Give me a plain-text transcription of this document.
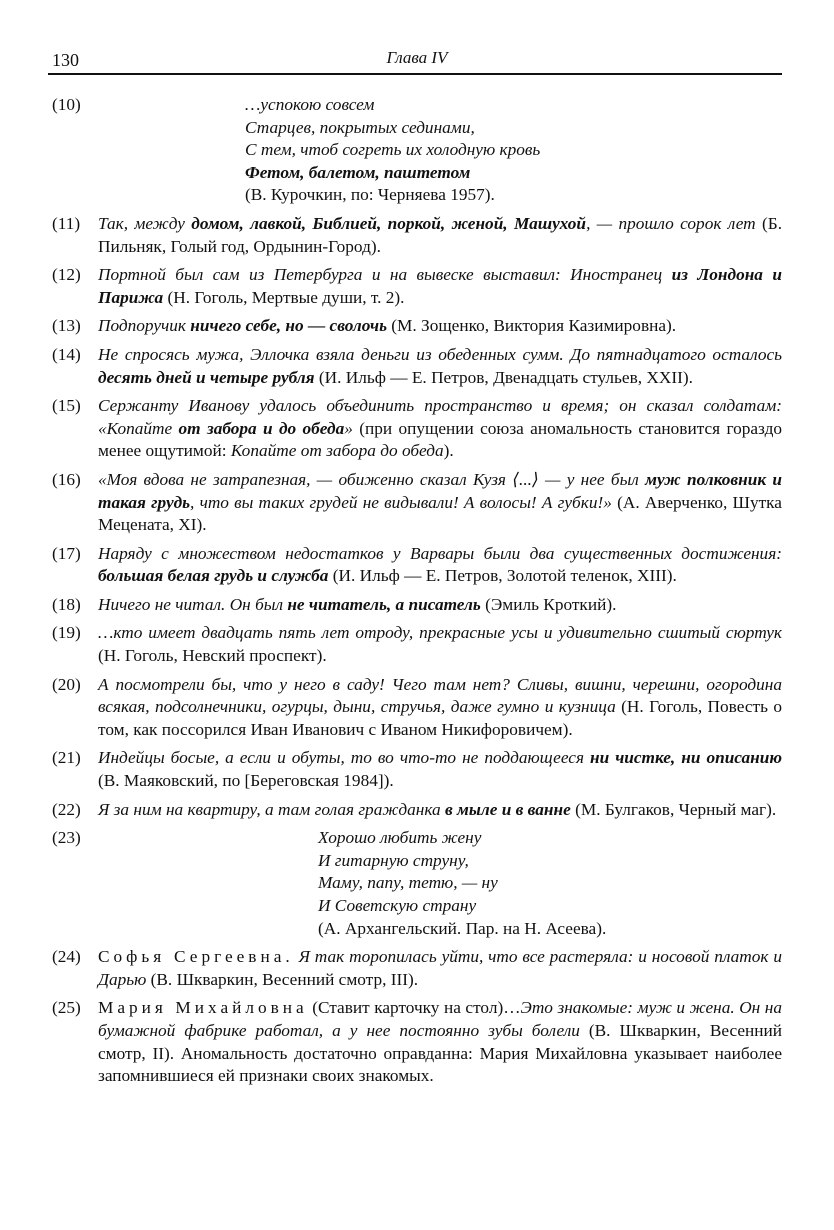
130	Глава IV
(10)	…успокою совсем
Старцев, покрытых сединами,
С тем, чтоб согреть их холодную кровь
Фетом, балетом, паштетом
(В. Курочкин, по: Черняева 1957).
(11)	Так, между домом, лавкой, Библией, поркой, женой, Машухой, — прошло сорок лет (Б. Пильняк, Голый год, Ордынин-Город).
(12) Портной был сам из Петербурга и на вывеске выставил: Иностранец из Лондона и Парижа (Н. Гоголь, Мертвые души, т. 2).
(13) Подпоручик ничего себе, но — сволочь (М. Зощенко, Виктория Казимировна).
(14) Не спросясь мужа, Эллочка взяла деньги из обеденных сумм. До пятнадцатого осталось десять дней и четыре рубля (И. Ильф — Е. Петров, Двенадцать стульев, XXII).
(15) Сержанту Иванову удалось объединить пространство и время; он сказал солдатам: «Копайте от забора и до обеда» (при опущении союза аномальность становится гораздо менее ощутимой: Копайте от забора до обеда).
(16) «Моя вдова не затрапезная, — обиженно сказал Кузя ⟨...⟩ — у нее был муж полковник и такая грудь, что вы таких грудей не видывали! А волосы! А губки!» (А. Аверченко, Шутка Мецената, XI).
(17) Наряду с множеством недостатков у Варвары были два существенных достижения: большая белая грудь и служба (И. Ильф — Е. Петров, Золотой теленок, XIII).
(18) Ничего не читал. Он был не читатель, а писатель (Эмиль Кроткий).
(19) …кто имеет двадцать пять лет отроду, прекрасные усы и удивительно сшитый сюртук (Н. Гоголь, Невский проспект).
(20) А посмотрели бы, что у него в саду! Чего там нет? Сливы, вишни, черешни, огородина всякая, подсолнечники, огурцы, дыни, стручья, даже гумно и кузница (Н. Гоголь, Повесть о том, как поссорился Иван Иванович с Иваном Никифоровичем).
(21) Индейцы босые, а если и обуты, то во что-то не поддающееся ни чистке, ни описанию (В. Маяковский, по [Береговская 1984]).
(22) Я за ним на квартиру, а там голая гражданка в мыле и в ванне (М. Булгаков, Черный маг).
(23)	Хорошо любить жену
И гитарную струну,
Маму, папу, тетю, — ну
И Советскую страну
(А. Архангельский. Пар. на Н. Асеева).
(24) Софья Сергеевна. Я так торопилась уйти, что все растеряла: и носовой платок и Дарью (В. Шкваркин, Весенний смотр, III).
(25) Мария Михайловна (Ставит карточку на стол)…Это знакомые: муж и жена. Он на бумажной фабрике работал, а у нее постоянно зубы болели (В. Шкваркин, Весенний смотр, II). Аномальность достаточно оправданна: Мария Михайловна указывает наиболее запомнившиеся ей признаки своих знакомых.
